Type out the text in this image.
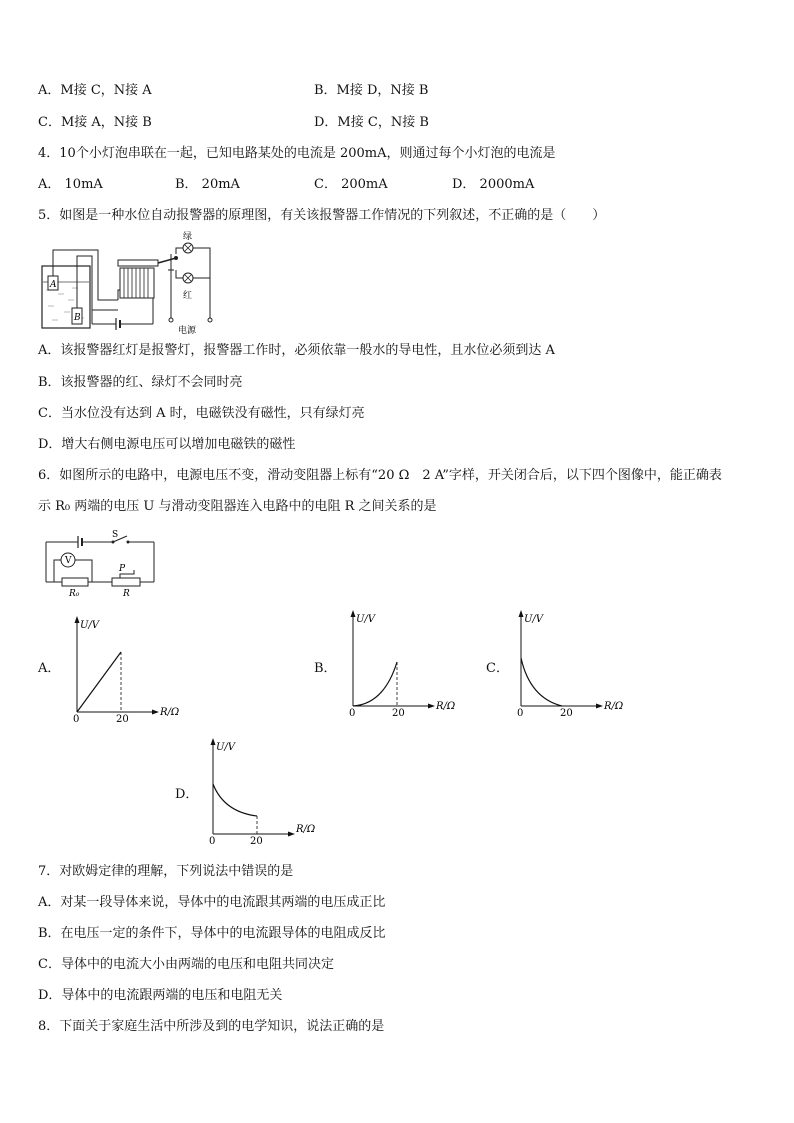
A．M接 C，N接 A	B．M接 D，N接 B
C．M接 A，N接 B	D．M接 C，N接 B
4．10个小灯泡串联在一起，已知电路某处的电流是 200mA，则通过每个小灯泡的电流是
A． 10mA	B． 20mA	C． 200mA	D． 2000mA
5．如图是一种水位自动报警器的原理图，有关该报警器工作情况的下列叙述，不正确的是（　　）
A
B
绿
红
电源
A．该报警器红灯是报警灯，报警器工作时，必须依靠一般水的导电性，且水位必须到达 A
B．该报警器的红、绿灯不会同时亮
C．当水位没有达到 A 时，电磁铁没有磁性，只有绿灯亮
D．增大右侧电源电压可以增加电磁铁的磁性
6．如图所示的电路中，电源电压不变，滑动变阻器上标有“20 Ω　2 A”字样，开关闭合后，以下四个图像中，能正确表
示 R₀ 两端的电压 U 与滑动变阻器连入电路中的电阻 R 之间关系的是
S
V
R₀
P
R
A．
U/V
R/Ω
0	20
B．
U/V
R/Ω
0	20
C．
U/V
R/Ω
0	20
D．
U/V
R/Ω
0	20
7．对欧姆定律的理解，下列说法中错误的是
A．对某一段导体来说，导体中的电流跟其两端的电压成正比
B．在电压一定的条件下，导体中的电流跟导体的电阻成反比
C．导体中的电流大小由两端的电压和电阻共同决定
D．导体中的电流跟两端的电压和电阻无关
8．下面关于家庭生活中所涉及到的电学知识，说法正确的是
